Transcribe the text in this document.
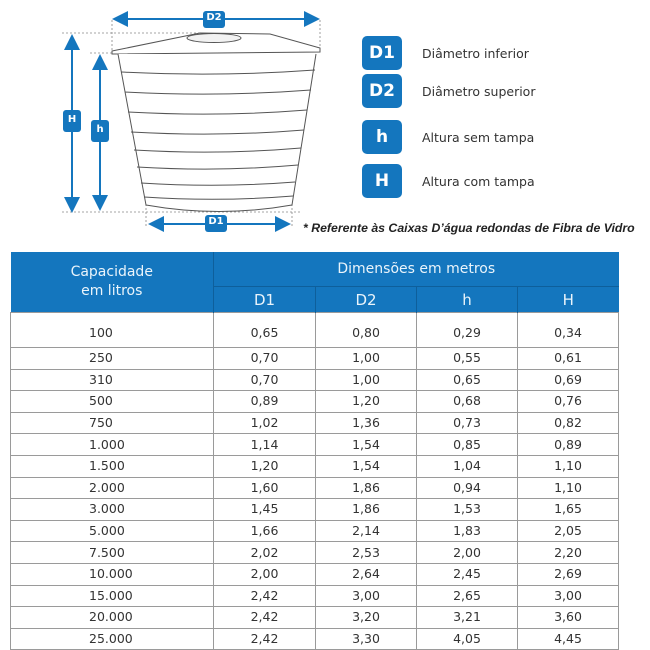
D2
D1
H
h
D1	Diâmetro inferior
D2	Diâmetro superior
h	Altura sem tampa
H	Altura com tampa
* Referente às Caixas D’água redondas de Fibra de Vidro
Capacidade
em litros	Dimensões em metros			
	D1	D2	h	H
100	0,65	0,80	0,29	0,34
250	0,70	1,00	0,55	0,61
310	0,70	1,00	0,65	0,69
500	0,89	1,20	0,68	0,76
750	1,02	1,36	0,73	0,82
1.000	1,14	1,54	0,85	0,89
1.500	1,20	1,54	1,04	1,10
2.000	1,60	1,86	0,94	1,10
3.000	1,45	1,86	1,53	1,65
5.000	1,66	2,14	1,83	2,05
7.500	2,02	2,53	2,00	2,20
10.000	2,00	2,64	2,45	2,69
15.000	2,42	3,00	2,65	3,00
20.000	2,42	3,20	3,21	3,60
25.000	2,42	3,30	4,05	4,45
